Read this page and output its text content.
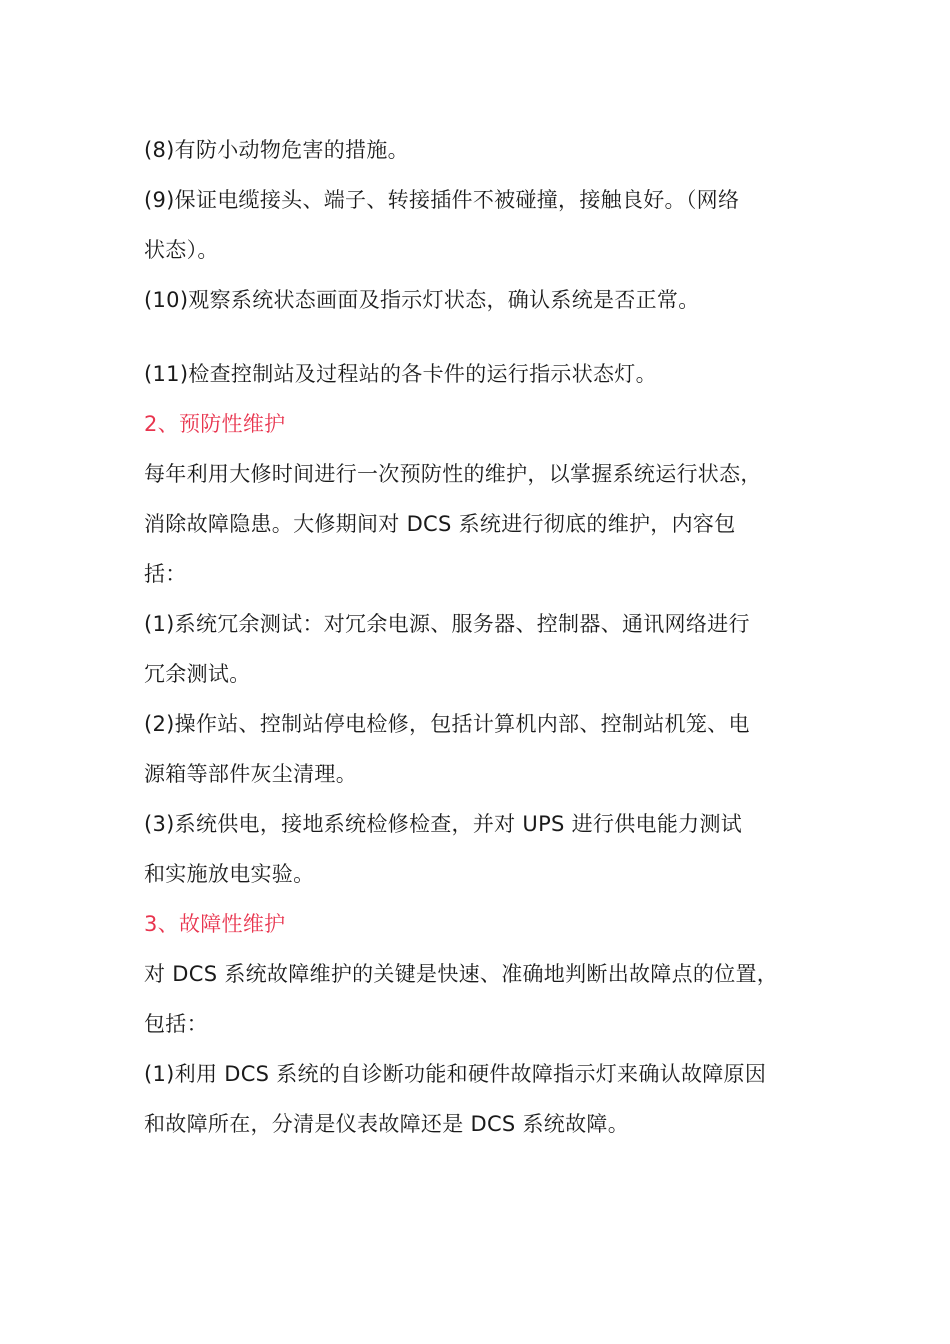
(8)有防小动物危害的措施。
(9)保证电缆接头、端子、转接插件不被碰撞，接触良好。（网络
状态）。
(10)观察系统状态画面及指示灯状态，确认系统是否正常。
(11)检查控制站及过程站的各卡件的运行指示状态灯。
2、预防性维护
每年利用大修时间进行一次预防性的维护，以掌握系统运行状态，
消除故障隐患。大修期间对 DCS 系统进行彻底的维护，内容包
括：
(1)系统冗余测试：对冗余电源、服务器、控制器、通讯网络进行
冗余测试。
(2)操作站、控制站停电检修，包括计算机内部、控制站机笼、电
源箱等部件灰尘清理。
(3)系统供电，接地系统检修检查，并对 UPS 进行供电能力测试
和实施放电实验。
3、故障性维护
对 DCS 系统故障维护的关键是快速、准确地判断出故障点的位置，
包括：
(1)利用 DCS 系统的自诊断功能和硬件故障指示灯来确认故障原因
和故障所在，分清是仪表故障还是 DCS 系统故障。
